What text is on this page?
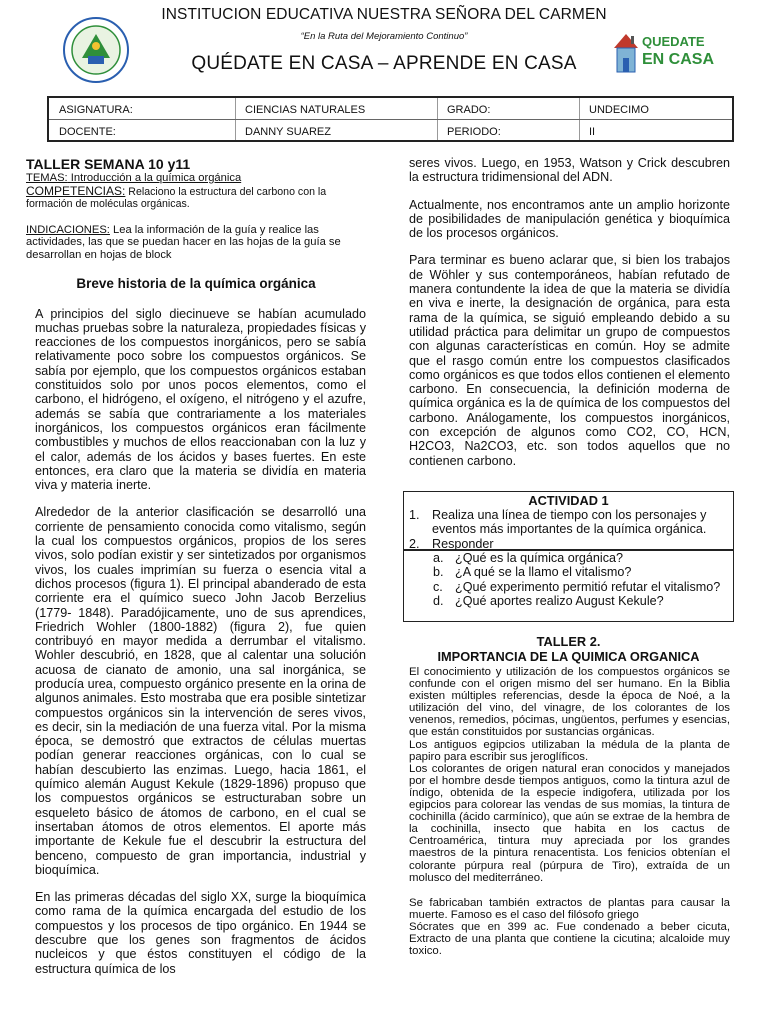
INSTITUCION EDUCATIVA NUESTRA SEÑORA DEL CARMEN
“En la Ruta del Mejoramiento Continuo”
QUÉDATE EN CASA – APRENDE EN CASA
QUEDATE
EN CASA
ASIGNATURA:	CIENCIAS NATURALES	GRADO:	UNDECIMO
DOCENTE:	DANNY SUAREZ	PERIODO:	II

TALLER SEMANA 10 y11

TEMAS: Introducción a la química orgánica

COMPETENCIAS: Relaciono la estructura del carbono con la formación de moléculas orgánicas.

INDICACIONES: Lea la información de la guía y realice las actividades, las que se puedan hacer en las hojas de la guía se desarrollan en hojas de block

Breve historia de la química orgánica

A principios del siglo diecinueve se habían acumulado muchas pruebas sobre la naturaleza, propiedades físicas y reacciones de los compuestos inorgánicos, pero se sabía relativamente poco sobre los compuestos orgánicos. Se sabía por ejemplo, que los compuestos orgánicos estaban constituidos solo por unos pocos elementos, como el carbono, el hidrógeno, el oxígeno, el nitrógeno y el azufre, además se sabía que contrariamente a los materiales inorgánicos, los compuestos orgánicos eran fácilmente combustibles y muchos de ellos reaccionaban con la luz y el calor, además de los ácidos y bases fuertes. En este entonces, era claro que la materia se dividía en materia viva y materia inerte.

Alrededor de la anterior clasificación se desarrolló una corriente de pensamiento conocida como vitalismo, según la cual los compuestos orgánicos, propios de los seres vivos, solo podían existir y ser sintetizados por organismos vivos, los cuales imprimían su fuerza o esencia vital a dichos procesos (figura 1). El principal abanderado de esta corriente era el químico sueco John Jacob Berzelius (1779- 1848). Paradójicamente, uno de sus aprendices, Friedrich Wohler (1800-1882) (figura 2), fue quien contribuyó en mayor medida a derrumbar el vitalismo. Wohler descubrió, en 1828, que al calentar una solución acuosa de cianato de amonio, una sal inorgánica, se producía urea, compuesto orgánico presente en la orina de algunos animales. Esto mostraba que era posible sintetizar compuestos orgánicos sin la intervención de seres vivos, es decir, sin la mediación de una fuerza vital. Por la misma época, se demostró que extractos de células muertas podían generar reacciones orgánicas, con lo cual se habían descubierto las enzimas. Luego, hacia 1861, el químico alemán August Kekule (1829-1896) propuso que los compuestos orgánicos se estructuraban sobre un esqueleto básico de átomos de carbono, en el cual se insertaban átomos de otros elementos. El aporte más importante de Kekule fue el descubrir la estructura del benceno, compuesto de gran importancia, industrial y bioquímica.

En las primeras décadas del siglo XX, surge la bioquímica como rama de la química encargada del estudio de los compuestos y los procesos de tipo orgánico. En 1944 se descubre que los genes son fragmentos de ácidos nucleicos y que éstos constituyen el código de la estructura química de los

seres vivos. Luego, en 1953, Watson y Crick descubren la estructura tridimensional del ADN.

Actualmente, nos encontramos ante un amplio horizonte de posibilidades de manipulación genética y bioquímica de los procesos orgánicos.

Para terminar es bueno aclarar que, si bien los trabajos de Wöhler y sus contemporáneos, habían refutado de manera contundente la idea de que la materia se dividía en viva e inerte, la designación de orgánica, para esta rama de la química, se siguió empleando debido a su utilidad práctica para delimitar un grupo de compuestos con algunas características en común. Hoy se admite que el rasgo común entre los compuestos clasificados como orgánicos es que todos ellos contienen el elemento carbono. En consecuencia, la definición moderna de química orgánica es la de química de los compuestos del carbono. Análogamente, los compuestos inorgánicos, con excepción de algunos como CO2, CO, HCN, H2CO3, Na2CO3, etc. son todos aquellos que no contienen carbono.

ACTIVIDAD 1
1. Realiza una línea de tiempo con los personajes y eventos más importantes de la química orgánica.
2. Responder
a. ¿Qué es la química orgánica?
b. ¿A qué se la llamo el vitalismo?
c. ¿Qué experimento permitió refutar el vitalismo?
d. ¿Qué aportes realizo August Kekule?
TALLER 2.
IMPORTANCIA DE LA QUIMICA ORGANICA

El conocimiento y utilización de los compuestos orgánicos se confunde con el origen mismo del ser humano. En la Biblia existen múltiples referencias, desde la época de Noé, a la utilización del vino, del vinagre, de los colorantes de los venenos, remedios, pócimas, ungüentos, perfumes y esencias, que están constituidos por sustancias orgánicas.

Los antiguos egipcios utilizaban la médula de la planta de papiro para escribir sus jeroglíficos.

Los colorantes de origen natural eran conocidos y manejados por el hombre desde tiempos antiguos, como la tintura azul de índigo, obtenida de la especie indigofera, utilizada por los egipcios para colorear las vendas de sus momias, la tintura de cochinilla (ácido carmínico), que aún se extrae de la hembra de la cochinilla, insecto que habita en los cactus de Centroamérica, tintura muy apreciada por los grandes maestros de la pintura renacentista. Los fenicios obtenían el colorante púrpura real (púrpura de Tiro), extraída de un molusco del mediterráneo.

Se fabricaban también extractos de plantas para causar la muerte. Famoso es el caso del filósofo griego

Sócrates que en 399 ac. Fue condenado a beber cicuta, Extracto de una planta que contiene la cicutina; alcaloide muy toxico.
